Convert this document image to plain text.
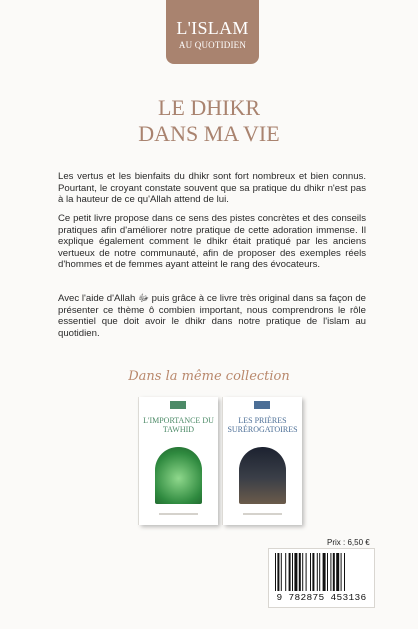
L'ISLAM
AU QUOTIDIEN
LE DHIKR
DANS MA VIE

Les vertus et les bienfaits du dhikr sont fort nombreux et bien connus. Pourtant, le croyant constate souvent que sa pratique du dhikr n'est pas à la hauteur de ce qu'Allah attend de lui.

Ce petit livre propose dans ce sens des pistes concrètes et des conseils pratiques afin d'améliorer notre pratique de cette adoration immense. Il explique également comment le dhikr était pratiqué par les anciens vertueux de notre communauté, afin de proposer des exemples réels d'hommes et de femmes ayant atteint le rang des évocateurs.

Avec l'aide d'Allah ﷻ puis grâce à ce livre très original dans sa façon de présenter ce thème ô combien important, nous comprendrons le rôle essentiel que doit avoir le dhikr dans notre pratique de l'islam au quotidien.

Dans la même collection
L'IMPORTANCE DU TAWHID
LES PRIÈRES SURÉROGATOIRES
Prix : 6,50 €
9 782875 453136
